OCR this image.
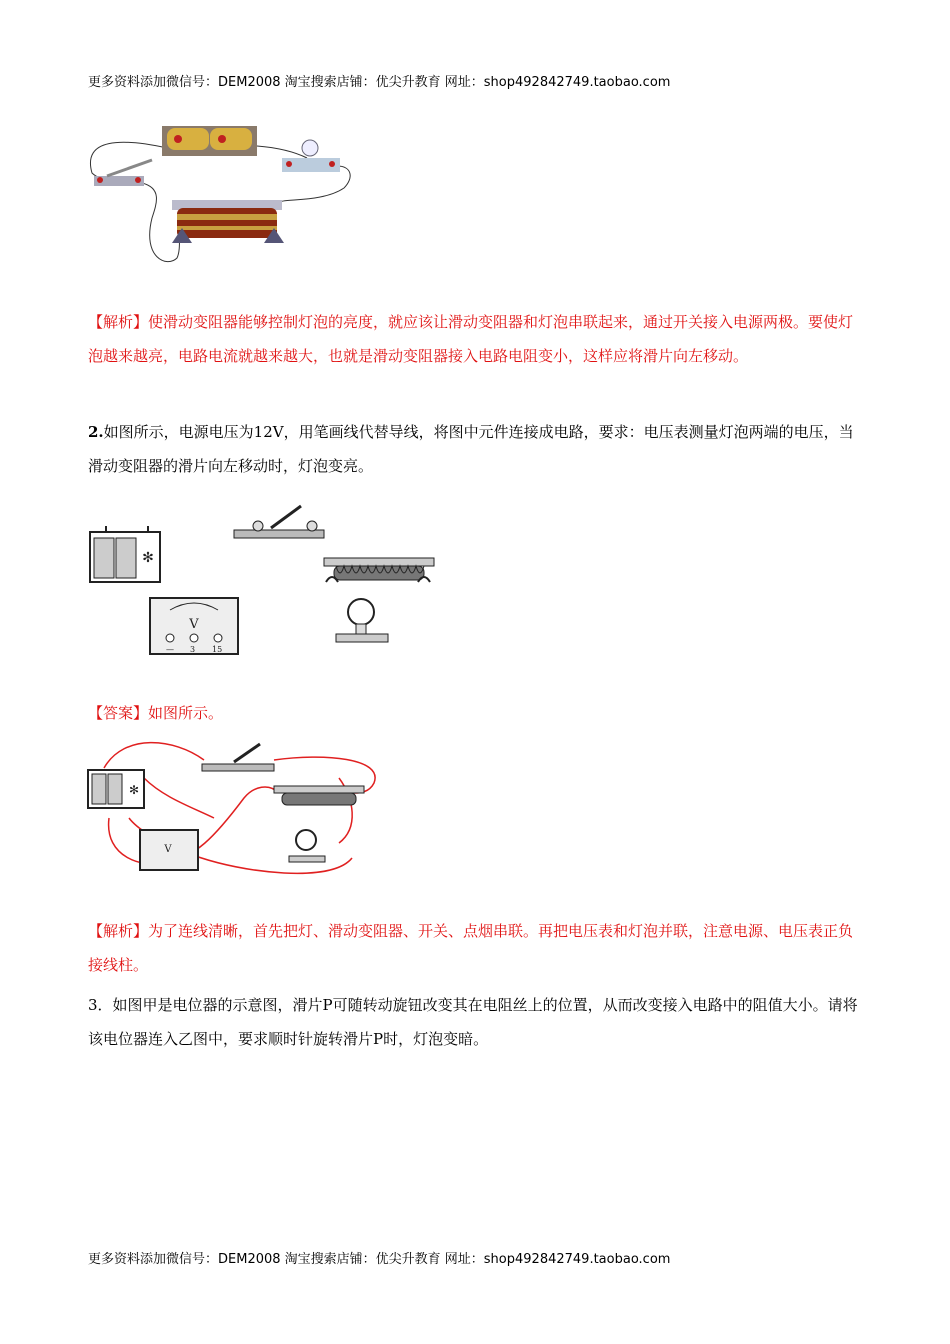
更多资料添加微信号：DEM2008 淘宝搜索店铺：优尖升教育 网址：shop492842749.taobao.com
【解析】使滑动变阻器能够控制灯泡的亮度，就应该让滑动变阻器和灯泡串联起来，通过开关接入电源两极。要使灯泡越来越亮，电路电流就越来越大，也就是滑动变阻器接入电路电阻变小，这样应将滑片向左移动。
2.如图所示，电源电压为12V，用笔画线代替导线，将图中元件连接成电路，要求：电压表测量灯泡两端的电压，当滑动变阻器的滑片向左移动时，灯泡变亮。
✻
V
— 3 15
【答案】如图所示。
✻
V
【解析】为了连线清晰，首先把灯、滑动变阻器、开关、点烟串联。再把电压表和灯泡并联，注意电源、电压表正负接线柱。
3．如图甲是电位器的示意图，滑片P可随转动旋钮改变其在电阻丝上的位置，从而改变接入电路中的阻值大小。请将该电位器连入乙图中，要求顺时针旋转滑片P时，灯泡变暗。
更多资料添加微信号：DEM2008 淘宝搜索店铺：优尖升教育 网址：shop492842749.taobao.com
